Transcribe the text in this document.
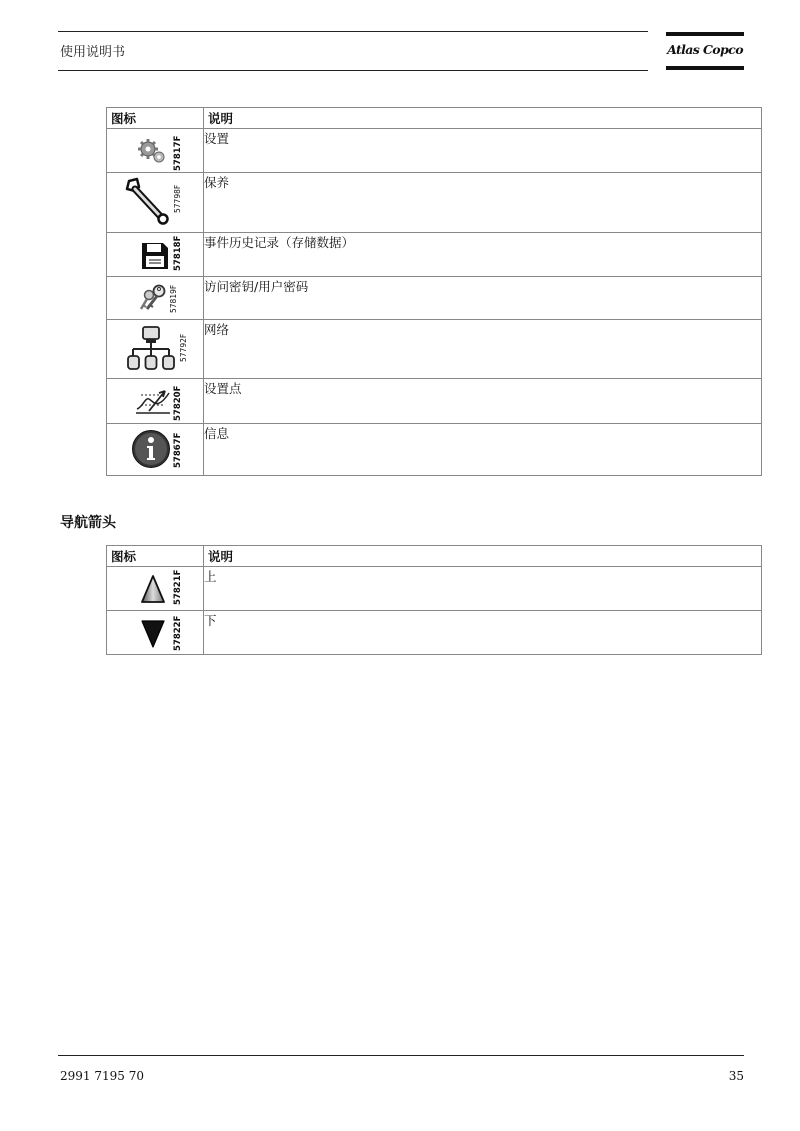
使用说明书	Atlas Copco
图标	说明

57817F	设置

57798F	保养

57818F	事件历史记录（存储数据）

57819F	访问密钥/用户密码

57792F	网络

57820F	设置点

57867F	信息
导航箭头
图标	说明

57821F	上

57822F	下
2991 7195 70	35
